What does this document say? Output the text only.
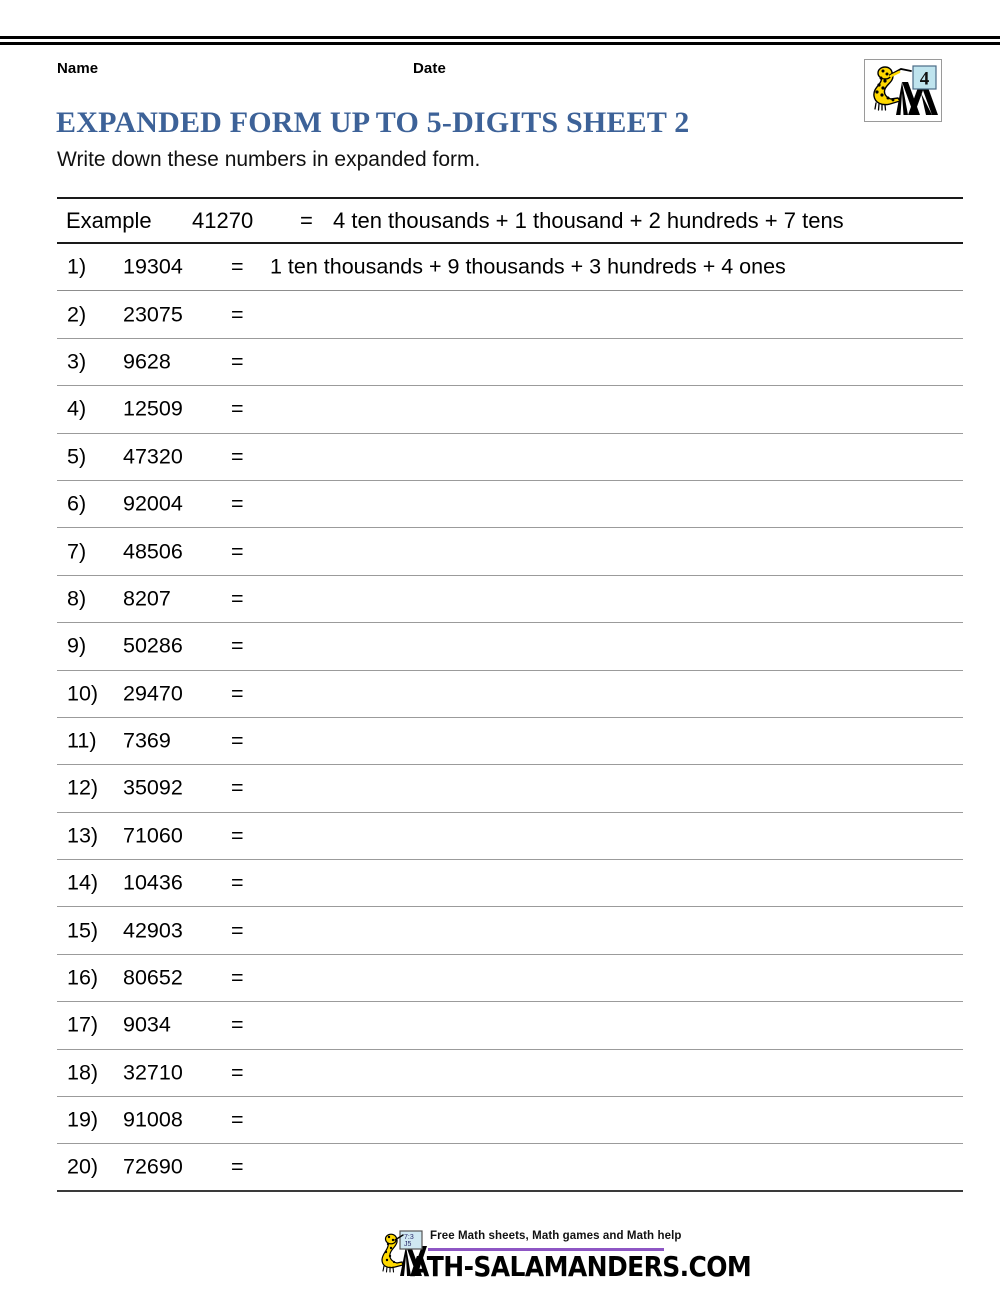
Name	Date	4
EXPANDED FORM UP TO 5-DIGITS SHEET 2
Write down these numbers in expanded form.
Example 41270 = 4 ten thousands + 1 thousand + 2 hundreds + 7 tens
1) 19304 = 1 ten thousands + 9 thousands + 3 hundreds + 4 ones
2) 23075 =
3) 9628	=
4) 12509 =
5) 47320 =
6) 92004 =
7) 48506 =
8) 8207	=
9) 50286 =
10) 29470 =
11) 7369	=
12) 35092 =
13) 71060 =
14) 10436 =
15) 42903 =
16) 80652 =
17) 9034	=
18) 32710 =
19) 91008 =
20) 72690 =
7:3
J5
Free Math sheets, Math games and Math help
ATH-SALAMANDERS.COM
